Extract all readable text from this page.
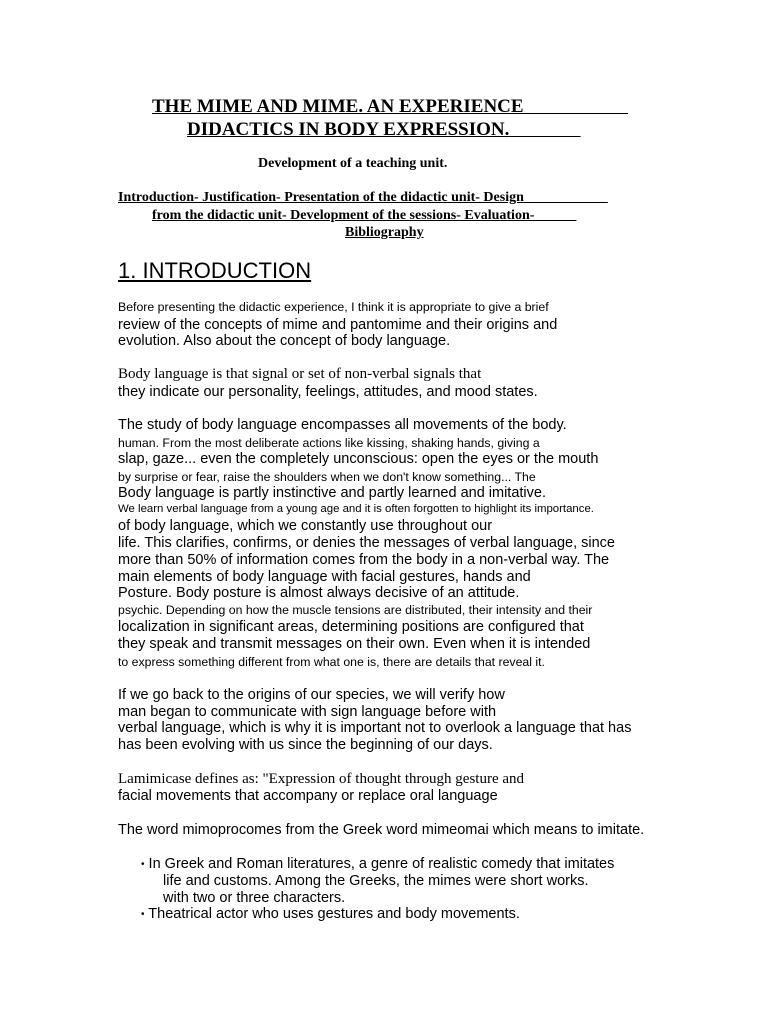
THE MIME AND MIME. AN EXPERIENCE
DIDACTICS IN BODY EXPRESSION.
Development of a teaching unit.
Introduction- Justification- Presentation of the didactic unit- Design
from the didactic unit- Development of the sessions- Evaluation-
Bibliography
1. INTRODUCTION
Before presenting the didactic experience, I think it is appropriate to give a brief
review of the concepts of mime and pantomime and their origins and
evolution. Also about the concept of body language.
Body language is that signal or set of non-verbal signals that
they indicate our personality, feelings, attitudes, and mood states.
The study of body language encompasses all movements of the body.
human. From the most deliberate actions like kissing, shaking hands, giving a
slap, gaze... even the completely unconscious: open the eyes or the mouth
by surprise or fear, raise the shoulders when we don't know something... The
Body language is partly instinctive and partly learned and imitative.
We learn verbal language from a young age and it is often forgotten to highlight its importance.
of body language, which we constantly use throughout our
life. This clarifies, confirms, or denies the messages of verbal language, since
more than 50% of information comes from the body in a non-verbal way. The
main elements of body language with facial gestures, hands and
Posture. Body posture is almost always decisive of an attitude.
psychic. Depending on how the muscle tensions are distributed, their intensity and their
localization in significant areas, determining positions are configured that
they speak and transmit messages on their own. Even when it is intended
to express something different from what one is, there are details that reveal it.
If we go back to the origins of our species, we will verify how
man began to communicate with sign language before with
verbal language, which is why it is important not to overlook a language that has
has been evolving with us since the beginning of our days.
Lamimicase defines as: "Expression of thought through gesture and
facial movements that accompany or replace oral language
The word mimoprocomes from the Greek word mimeomai which means to imitate.
• In Greek and Roman literatures, a genre of realistic comedy that imitates
life and customs. Among the Greeks, the mimes were short works.
with two or three characters.
• Theatrical actor who uses gestures and body movements.
